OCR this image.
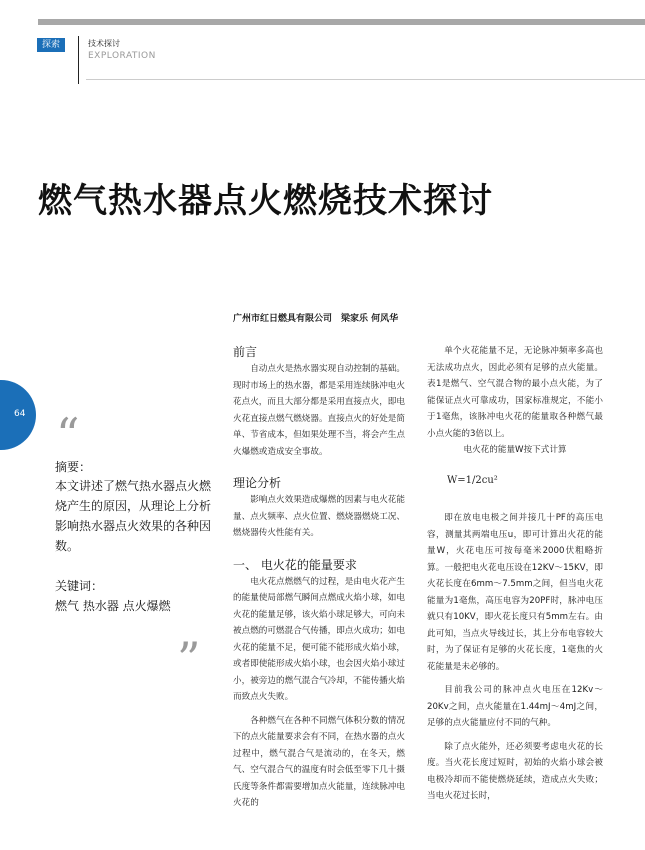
探索	技术探讨
EXPLORATION
燃气热水器点火燃烧技术探讨
广州市红日燃具有限公司　梁家乐 何风华
64 “
摘要：
本文讲述了燃气热水器点火燃烧产生的原因，从理论上分析影响热水器点火效果的各种因数。
关键词：
燃气 热水器 点火爆燃
”
前言

自动点火是热水器实现自动控制的基础。现时市场上的热水器，都是采用连续脉冲电火花点火，而且大部分都是采用直接点火，即电火花直接点燃气燃烧器。直接点火的好处是简单、节省成本，但如果处理不当，将会产生点火爆燃或造成安全事故。

理论分析

影响点火效果造成爆燃的因素与电火花能量、点火频率、点火位置、燃烧器燃烧工况、燃烧器传火性能有关。

一、 电火花的能量要求

电火花点燃燃气的过程，是由电火花产生的能量使局部燃气瞬间点燃成火焰小球，如电火花的能量足够，该火焰小球足够大，可向未被点燃的可燃混合气传播，即点火成功；如电火花的能量不足，便可能不能形成火焰小球，或者即使能形成火焰小球，也会因火焰小球过小，被旁边的燃气混合气冷却，不能传播火焰而致点火失败。

各种燃气在各种不同燃气体积分数的情况下的点火能量要求会有不同，在热水器的点火过程中，燃气混合气是流动的，在冬天，燃气、空气混合气的温度有时会低至零下几十摄氏度等条件都需要增加点火能量，连续脉冲电火花的

单个火花能量不足，无论脉冲频率多高也无法成功点火，因此必须有足够的点火能量。表1是燃气、空气混合物的最小点火能，为了能保证点火可靠成功，国家标准规定，不能小于1毫焦，该脉冲电火花的能量取各种燃气最小点火能的3倍以上。

电火花的能量W按下式计算

W=1/2cu²

即在放电电极之间并接几十PF的高压电容，测量其两端电压u，即可计算出火花的能量W，火花电压可按每毫米2000伏粗略折算。一般把电火花电压设在12KV～15KV，即火花长度在6mm～7.5mm之间，但当电火花能量为1毫焦，高压电容为20PF时，脉冲电压就只有10KV，即火花长度只有5mm左右。由此可知，当点火导线过长，其上分布电容较大时，为了保证有足够的火花长度，1毫焦的火花能量是未必够的。

目前我公司的脉冲点火电压在12Kv～20Kv之间，点火能量在1.44mJ～4mJ之间，足够的点火能量应付不同的气种。

除了点火能外，还必须要考虑电火花的长度。当火花长度过短时，初始的火焰小球会被电极冷却而不能使燃烧延续，造成点火失败；当电火花过长时，
